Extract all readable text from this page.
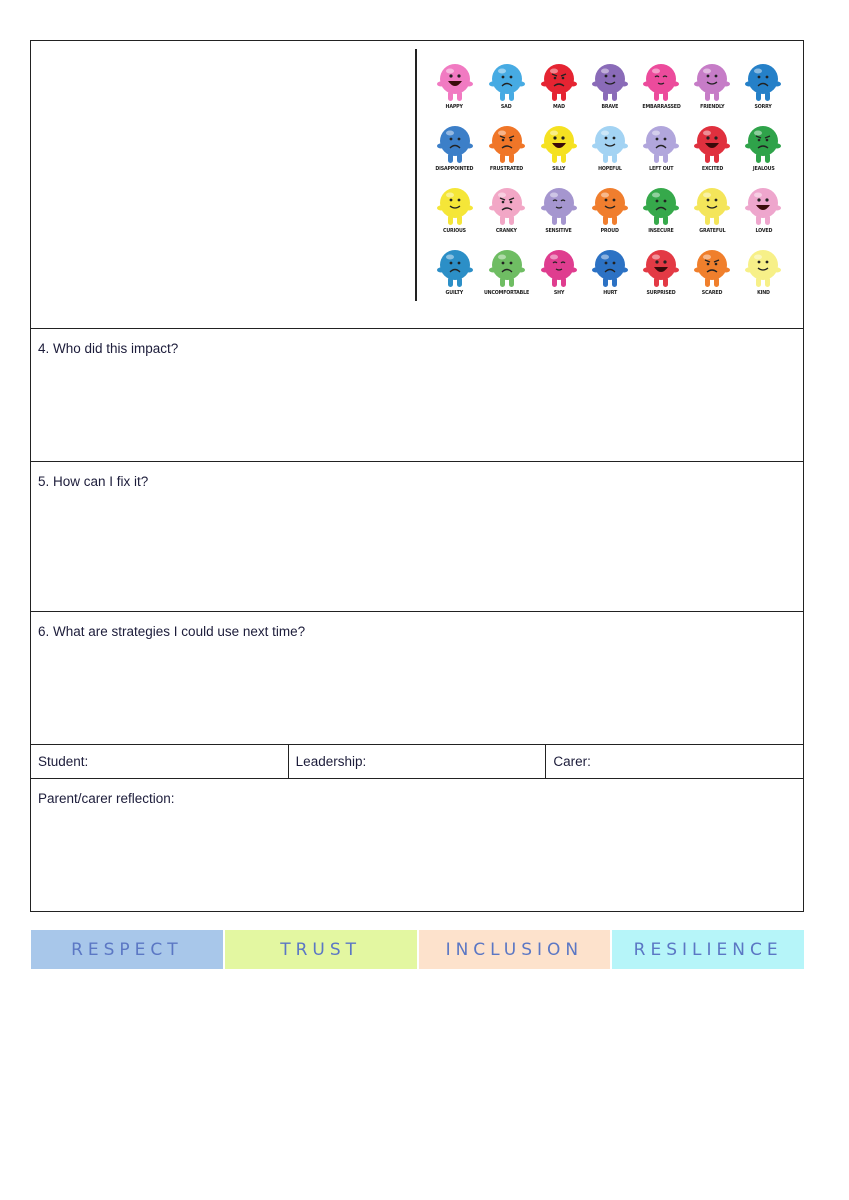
HAPPY	SAD	MAD	BRAVE	EMBARRASSED	FRIENDLY	SORRY
DISAPPOINTED	FRUSTRATED	SILLY	HOPEFUL	LEFT OUT	EXCITED	JEALOUS
CURIOUS	CRANKY	SENSITIVE	PROUD	INSECURE	GRATEFUL	LOVED
GUILTY	UNCOMFORTABLE	SHY	HURT	SURPRISED	SCARED	KIND
4. Who did this impact?
5. How can I fix it?
6. What are strategies I could use next time?
Student:	Leadership:	Carer:
Parent/carer reflection:
RESPECT	TRUST	INCLUSION	RESILIENCE
